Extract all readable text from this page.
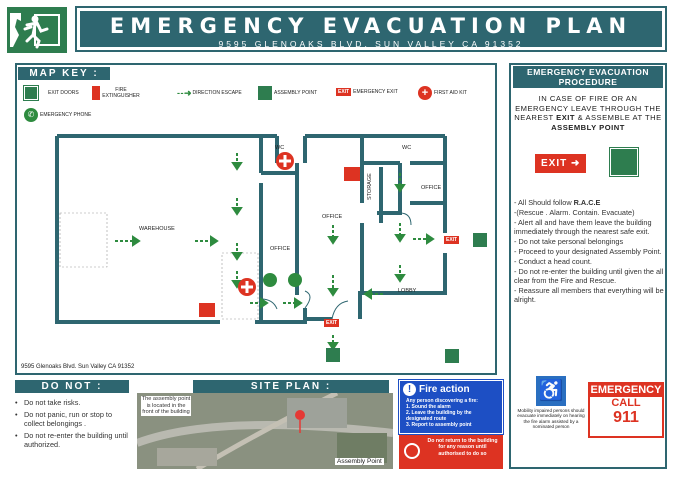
EMERGENCY EVACUATION PLAN
9595 GLENOAKS BLVD. SUN VALLEY CA 91352
MAP KEY :
EXIT DOORS	FIRE EXTINGUISHER	- - ➜ DIRECTION ESCAPE	ASSEMBLY POINT	EXIT EMERGENCY EXIT	+	FIRST AID KIT
✆	EMERGENCY PHONE
WAREHOUSE
WC
OFFICE
OFFICE
WC
OFFICE
STORAGE
LOBBY
EXIT
EXIT
9595 Glenoaks Blvd. Sun Valley CA 91352
EMERGENCY EVACUATION
PROCEDURE
IN CASE OF FIRE OR AN EMERGENCY LEAVE THROUGH THE NEAREST EXIT & ASSEMBLE AT THE
ASSEMBLY POINT
EXIT ➜

- All Should follow R.A.C.E

-(Rescue . Alarm. Contain. Evacuate)

- Alert all and have them leave the building immediately through the nearest safe exit.

- Do not take personal belongings

- Proceed to your designated Assembly Point.

- Conduct a head count.

- Do not re-enter the building until given the all clear from the Fire and Rescue.

- Reassure all members that everything will be alright.

♿
Mobility impaired persons should evacuate immediately on hearing the fire alarm assisted by a nominated person
EMERGENCY
CALL
911
DO NOT :
• Do not take risks.
• Do not panic, run or stop to collect belongings .
• Do not re-enter the building until authorized.
SITE PLAN :
The assembly point is located in the front of the building
Assembly Point
! Fire action
Any person discovering a fire:
1. Sound the alarm
2. Leave the building by the designated route
3. Report to assembly point
Do not return to the building for any reason until authorised to do so
